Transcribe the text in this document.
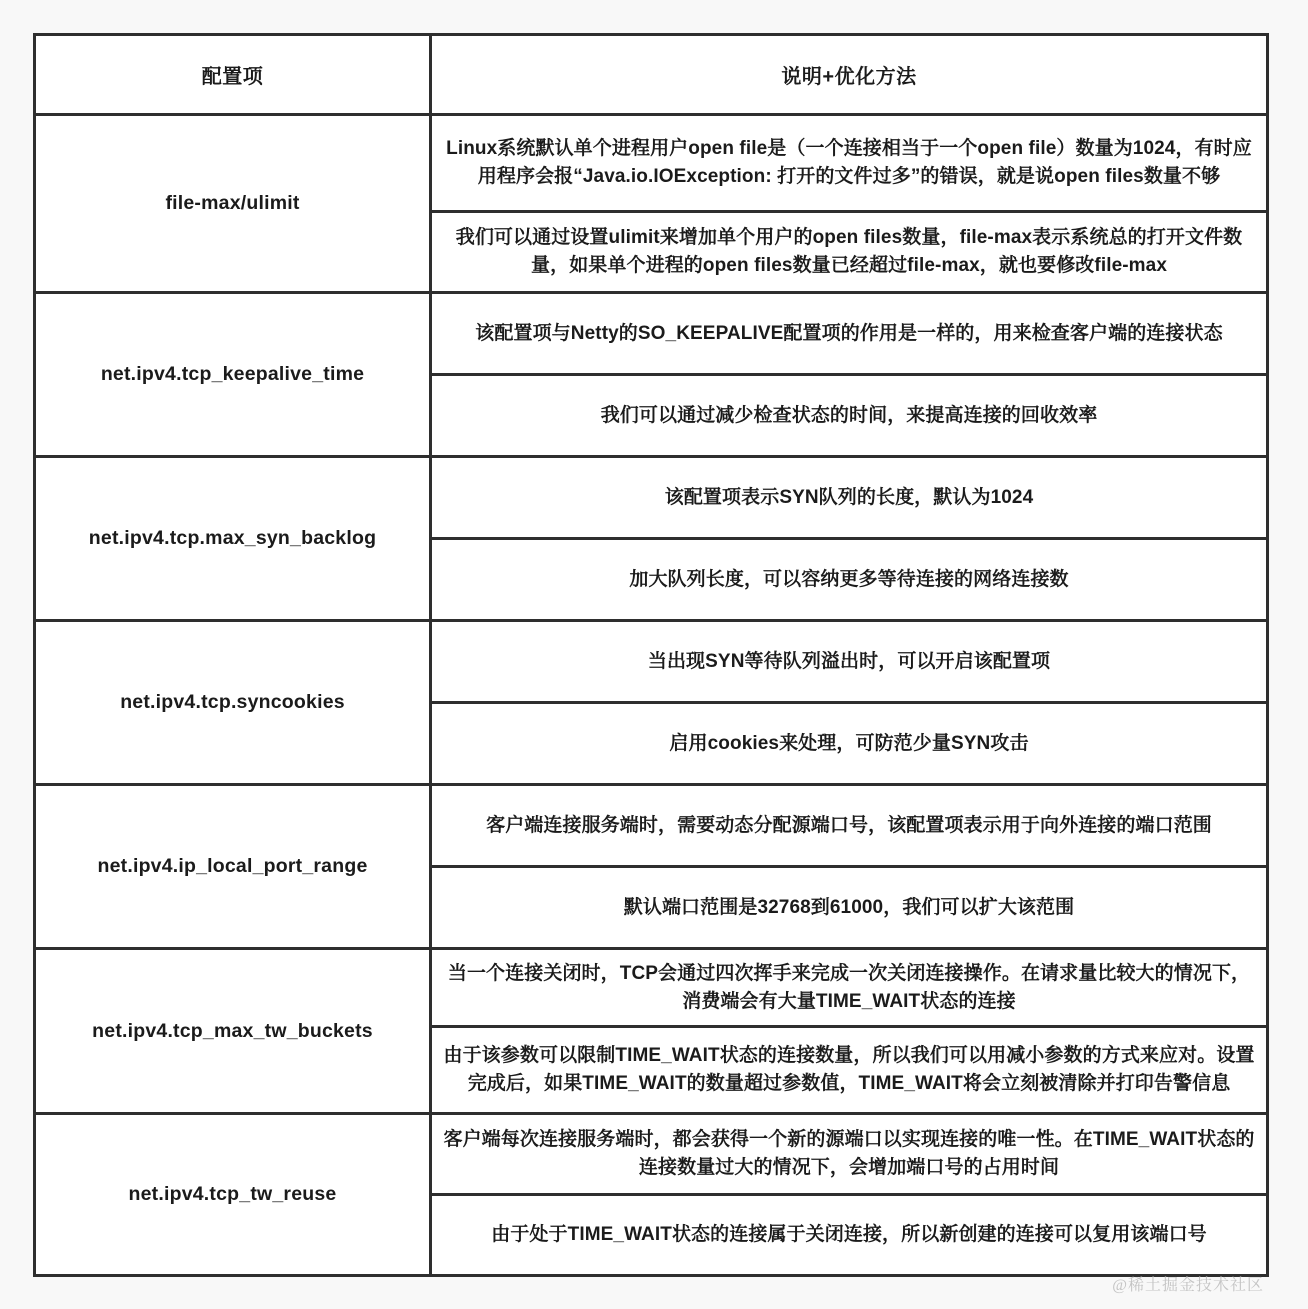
配置项	说明+优化方法
file-max/ulimit	Linux系统默认单个进程用户open file是（一个连接相当于一个open file）数量为1024，有时应用程序会报“Java.io.IOException: 打开的文件过多”的错误，就是说open files数量不够
	我们可以通过设置ulimit来增加单个用户的open files数量，file-max表示系统总的打开文件数量，如果单个进程的open files数量已经超过file-max，就也要修改file-max
net.ipv4.tcp_keepalive_time	该配置项与Netty的SO_KEEPALIVE配置项的作用是一样的，用来检查客户端的连接状态
	我们可以通过减少检查状态的时间，来提高连接的回收效率
net.ipv4.tcp.max_syn_backlog	该配置项表示SYN队列的长度，默认为1024
	加大队列长度，可以容纳更多等待连接的网络连接数
net.ipv4.tcp.syncookies	当出现SYN等待队列溢出时，可以开启该配置项
	启用cookies来处理，可防范少量SYN攻击
net.ipv4.ip_local_port_range	客户端连接服务端时，需要动态分配源端口号，该配置项表示用于向外连接的端口范围
	默认端口范围是32768到61000，我们可以扩大该范围
net.ipv4.tcp_max_tw_buckets	当一个连接关闭时，TCP会通过四次挥手来完成一次关闭连接操作。在请求量比较大的情况下，消费端会有大量TIME_WAIT状态的连接
	由于该参数可以限制TIME_WAIT状态的连接数量，所以我们可以用减小参数的方式来应对。设置完成后，如果TIME_WAIT的数量超过参数值，TIME_WAIT将会立刻被清除并打印告警信息
net.ipv4.tcp_tw_reuse	客户端每次连接服务端时，都会获得一个新的源端口以实现连接的唯一性。在TIME_WAIT状态的连接数量过大的情况下，会增加端口号的占用时间
	由于处于TIME_WAIT状态的连接属于关闭连接，所以新创建的连接可以复用该端口号
@稀土掘金技术社区
